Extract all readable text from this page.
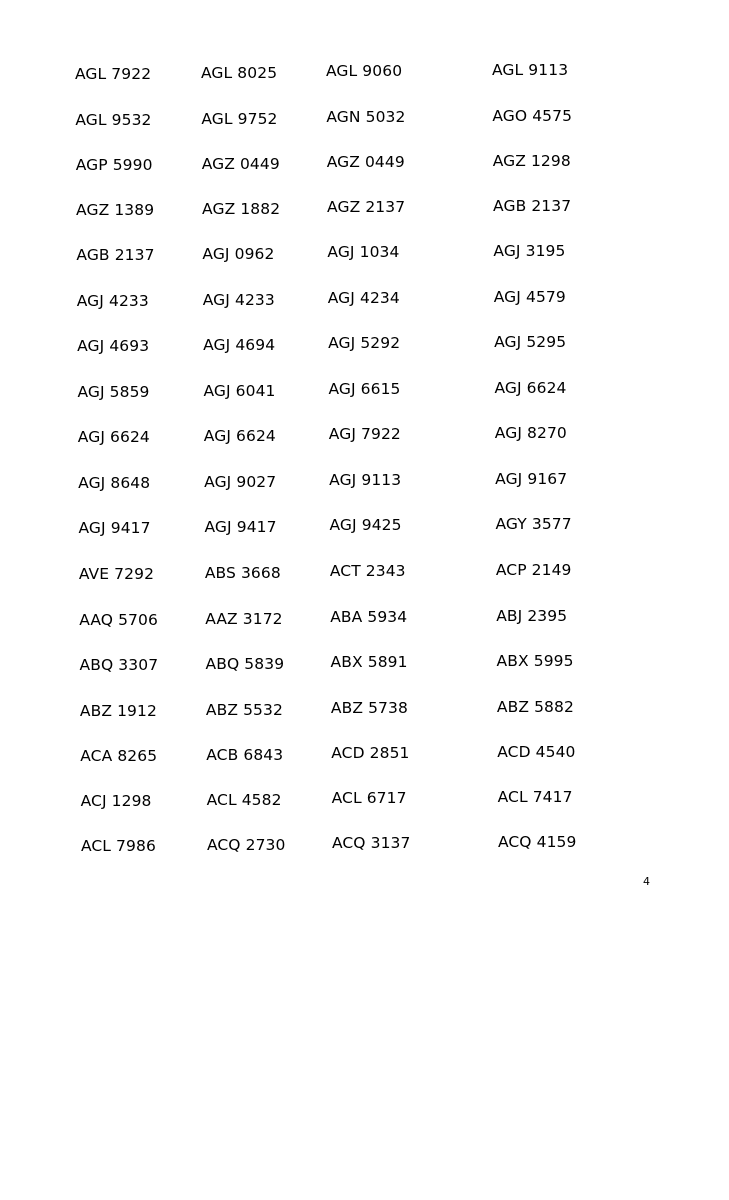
AGL 7922	AGL 8025	AGL 9060	AGL 9113
AGL 9532	AGL 9752	AGN 5032	AGO 4575
AGP 5990	AGZ 0449	AGZ 0449	AGZ 1298
AGZ 1389	AGZ 1882	AGZ 2137	AGB 2137
AGB 2137	AGJ 0962	AGJ 1034	AGJ 3195
AGJ 4233	AGJ 4233	AGJ 4234	AGJ 4579
AGJ 4693	AGJ 4694	AGJ 5292	AGJ 5295
AGJ 5859	AGJ 6041	AGJ 6615	AGJ 6624
AGJ 6624	AGJ 6624	AGJ 7922	AGJ 8270
AGJ 8648	AGJ 9027	AGJ 9113	AGJ 9167
AGJ 9417	AGJ 9417	AGJ 9425	AGY 3577
AVE 7292	ABS 3668	ACT 2343	ACP 2149
AAQ 5706	AAZ 3172	ABA 5934	ABJ 2395
ABQ 3307	ABQ 5839	ABX 5891	ABX 5995
ABZ 1912	ABZ 5532	ABZ 5738	ABZ 5882
ACA 8265	ACB 6843	ACD 2851	ACD 4540
ACJ 1298	ACL 4582	ACL 6717	ACL 7417
ACL 7986	ACQ 2730	ACQ 3137	ACQ 4159
4
